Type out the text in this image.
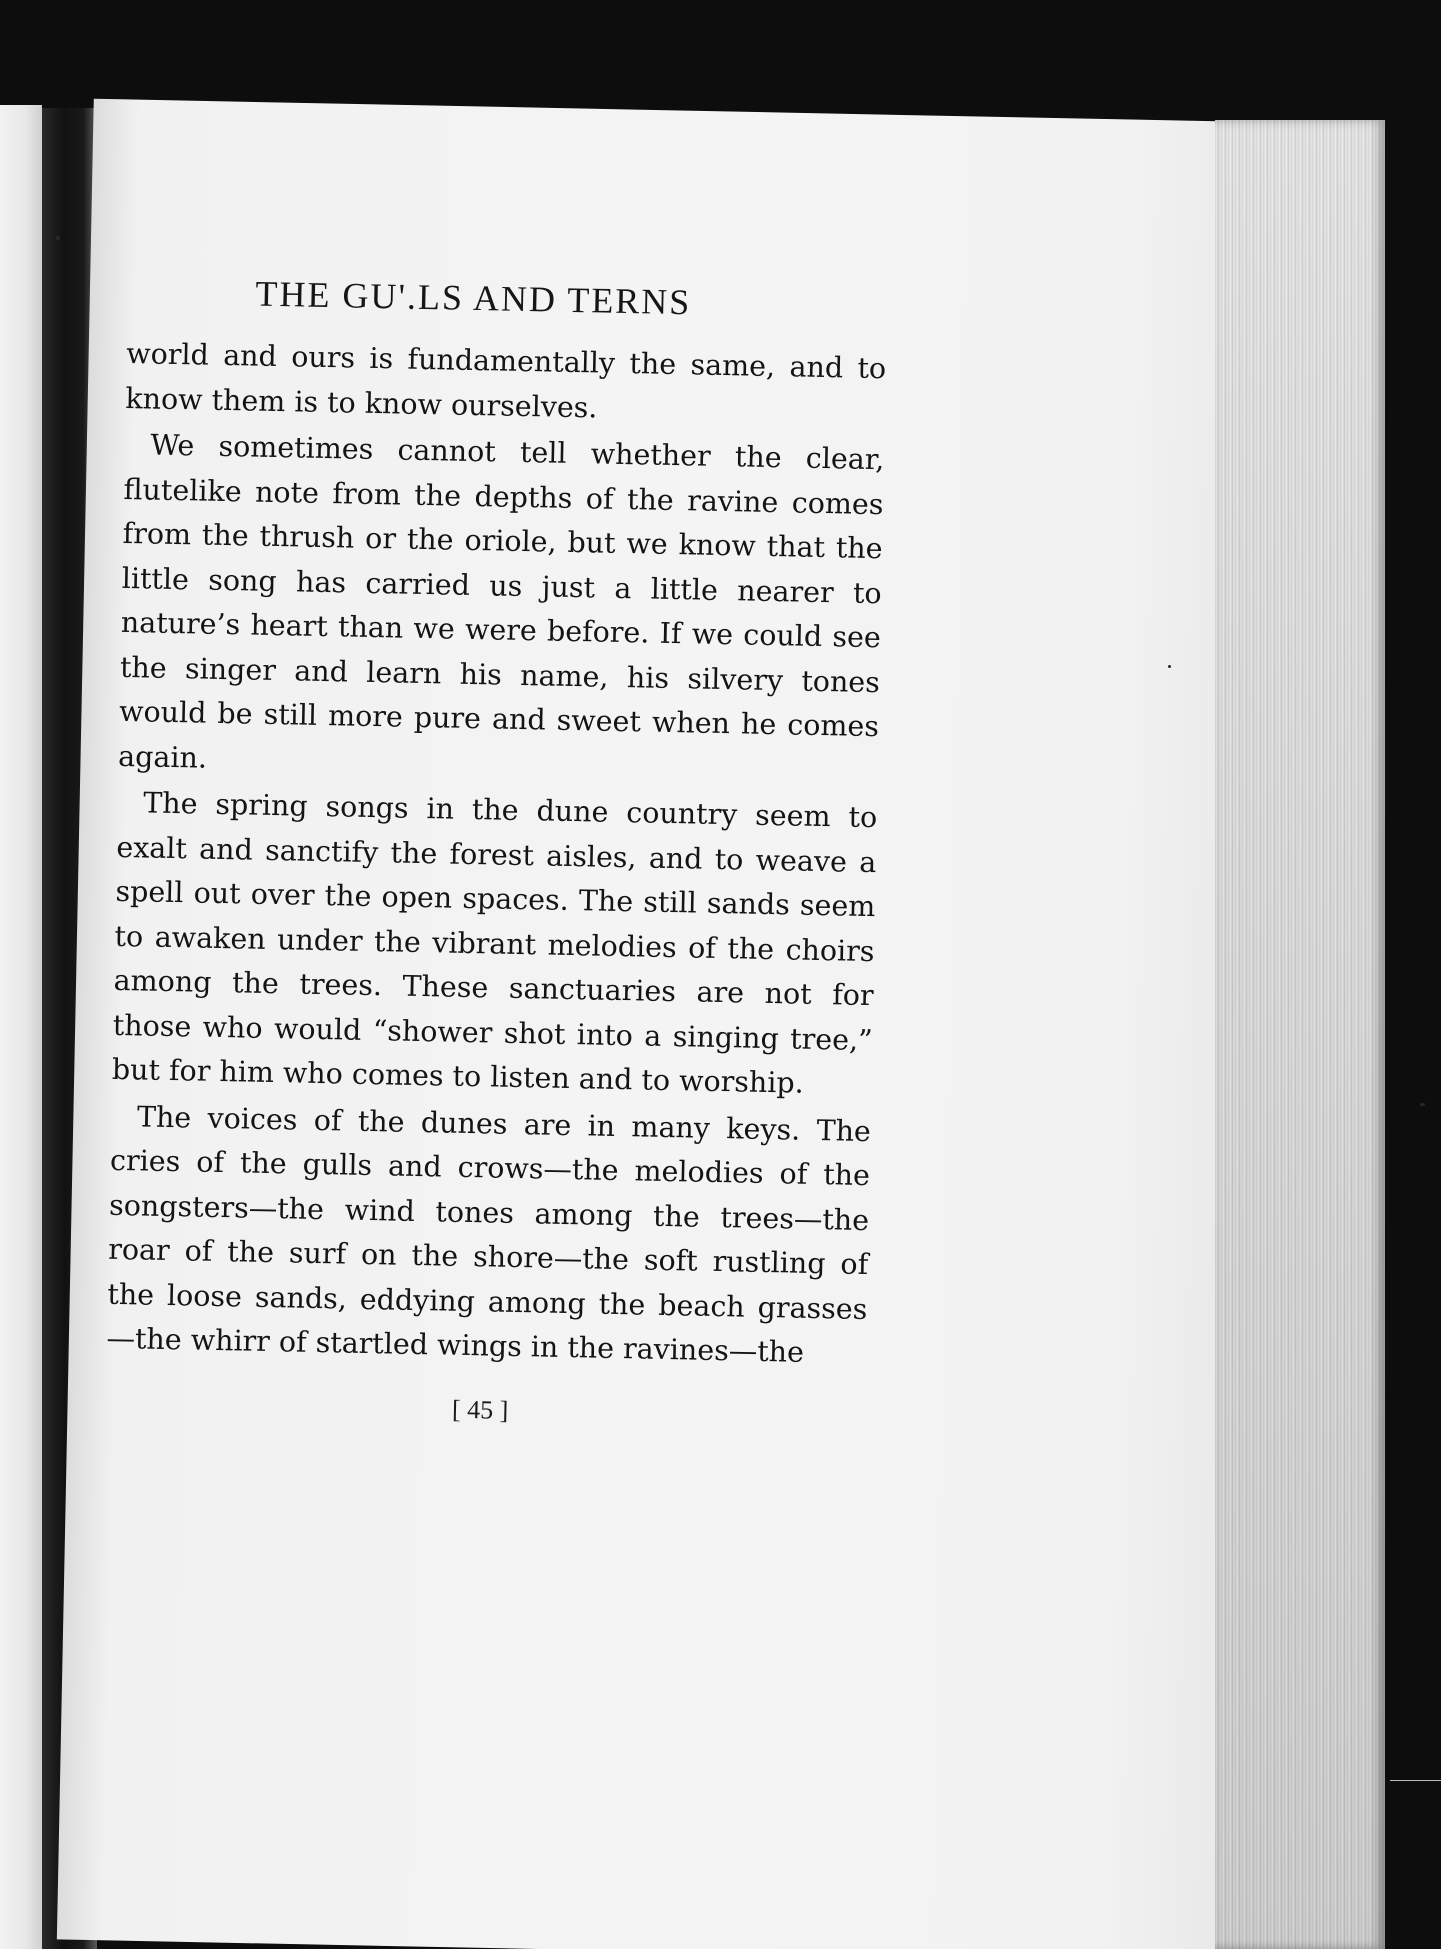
THE GU'.LS AND TERNS

world and ours is fundamentally the same, and to know them is to know ourselves.

We sometimes cannot tell whether the clear, flutelike note from the depths of the ravine comes from the thrush or the oriole, but we know that the little song has carried us just a little nearer to nature’s heart than we were before. If we could see the singer and learn his name, his silvery tones would be still more pure and sweet when he comes again.

The spring songs in the dune country seem to exalt and sanctify the forest aisles, and to weave a spell out over the open spaces. The still sands seem to awaken under the vibrant melodies of the choirs among the trees. These sanctuaries are not for those who would “shower shot into a singing tree,” but for him who comes to listen and to worship.

The voices of the dunes are in many keys. The cries of the gulls and crows—the melodies of the songsters—the wind tones among the trees—the roar of the surf on the shore—the soft rustling of the loose sands, eddying among the beach grasses —the whirr of startled wings in the ravines—the

[ 45 ]
